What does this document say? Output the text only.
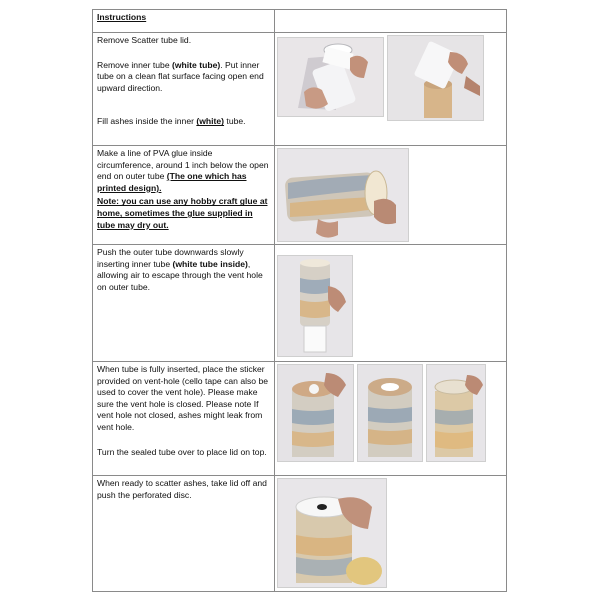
Instructions	

Remove Scatter tube lid.

Remove inner tube (white tube). Put inner tube on a clean flat surface facing open end upward direction.

Fill ashes inside the inner (white) tube.

Make a line of PVA glue inside circumference, around 1 inch below the open end on outer tube (The one which has printed design).

Note: you can use any hobby craft glue at home, sometimes the glue supplied in tube may dry out.

Push the outer tube downwards slowly inserting inner tube (white tube inside), allowing air to escape through the vent hole on outer tube.

When tube is fully inserted, place the sticker provided on vent-hole (cello tape can also be used to cover the vent hole). Please make sure the vent hole is closed. Please note If vent hole not closed, ashes might leak from vent hole.

Turn the sealed tube over to place lid on top.

When ready to scatter ashes, take lid off and push the perforated disc.
